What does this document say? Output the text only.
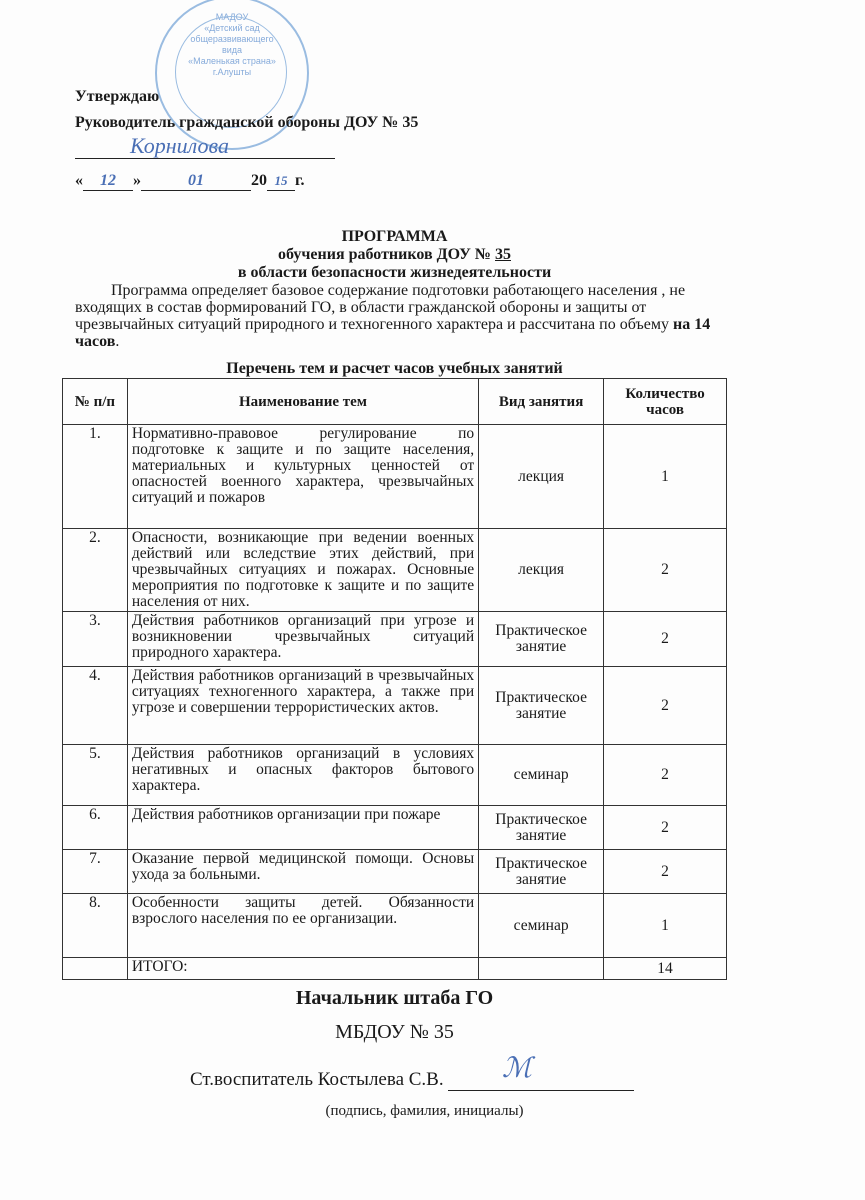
МАДОУ
«Детский сад
общеразвивающего
вида
«Маленькая страна»
г.Алушты
Утверждаю
Руководитель гражданской обороны ДОУ № 35
Корнилова
« 12 »	01	20 15 г.
ПРОГРАММА
обучения работников ДОУ № 35
в области безопасности жизнедеятельности

Программа определяет базовое содержание подготовки работающего населения , не входящих в состав формирований ГО, в области гражданской обороны и защиты от чрезвычайных ситуаций природного и техногенного характера и рассчитана по объему на 14 часов.

Перечень тем и расчет часов учебных занятий
№ п/п	Наименование тем	Вид занятия	Количество часов
1.	Нормативно-правовое регулирование по подготовке к защите и по защите населения, материальных и культурных ценностей от опасностей военного характера, чрезвычайных ситуаций и пожаров	лекция	1
2.	Опасности, возникающие при ведении военных действий или вследствие этих действий, при чрезвычайных ситуациях и пожарах. Основные мероприятия по подготовке к защите и по защите населения от них.	лекция	2
3.	Действия работников организаций при угрозе и возникновении чрезвычайных ситуаций природного характера.	Практическое занятие	2
4.	Действия работников организаций в чрезвычайных ситуациях техногенного характера, а также при угрозе и совершении террористических актов.	Практическое занятие	2
5.	Действия работников организаций в условиях негативных и опасных факторов бытового характера.	семинар	2
6.	Действия работников организации при пожаре	Практическое занятие	2
7.	Оказание первой медицинской помощи. Основы ухода за больными.	Практическое занятие	2
8.	Особенности защиты детей. Обязанности взрослого населения по ее организации.	семинар	1
	ИТОГО:		14
Начальник штаба ГО
МБДОУ № 35
Ст.воспитатель Костылева С.В. ℳ
(подпись, фамилия, инициалы)
